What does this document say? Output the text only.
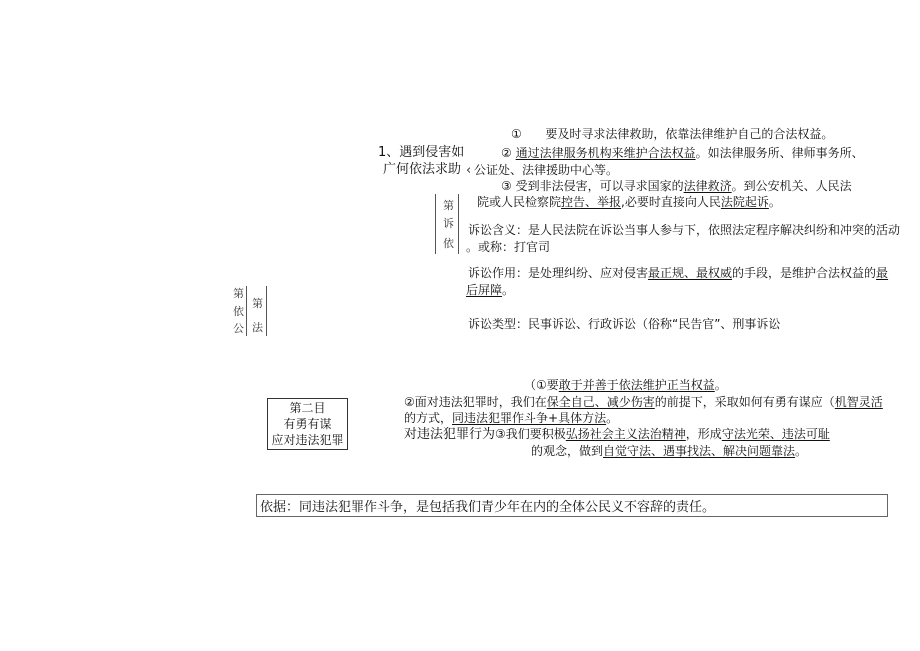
1、遇到侵害如
广何依法求助 ‹
① 要及时寻求法律救助，依靠法律维护自己的合法权益。
② 通过法律服务机构来维护合法权益。如法律服务所、律师事务所、
公证处、法律援助中心等。
③ 受到非法侵害，可以寻求国家的法律救济。到公安机关、人民法
院或人民检察院控告、举报,必要时直接向人民法院起诉。
第
诉
依
诉讼含义：是人民法院在诉讼当事人参与下，依照法定程序解决纠纷和冲突的活动
。或称：打官司
诉讼作用：是处理纠纷、应对侵害最正规、最权威的手段，是维护合法权益的最
后屏障。
诉讼类型：民事诉讼、行政诉讼（俗称“民告官”、刑事诉讼
第
依
公
第
法
第二目
有勇有谋
应对违法犯罪
（①要敢于并善于依法维护正当权益。
②面对违法犯罪时，我们在保全自己、减少伤害的前提下，采取如何有勇有谋应（机智灵活
的方式，同违法犯罪作斗争+具体方法。
对违法犯罪行为③我们要积极弘扬社会主义法治精神，形成守法光荣、违法可耻
的观念，做到自觉守法、遇事找法、解决问题靠法。
依据：同违法犯罪作斗争，是包括我们青少年在内的全体公民义不容辞的责任。
